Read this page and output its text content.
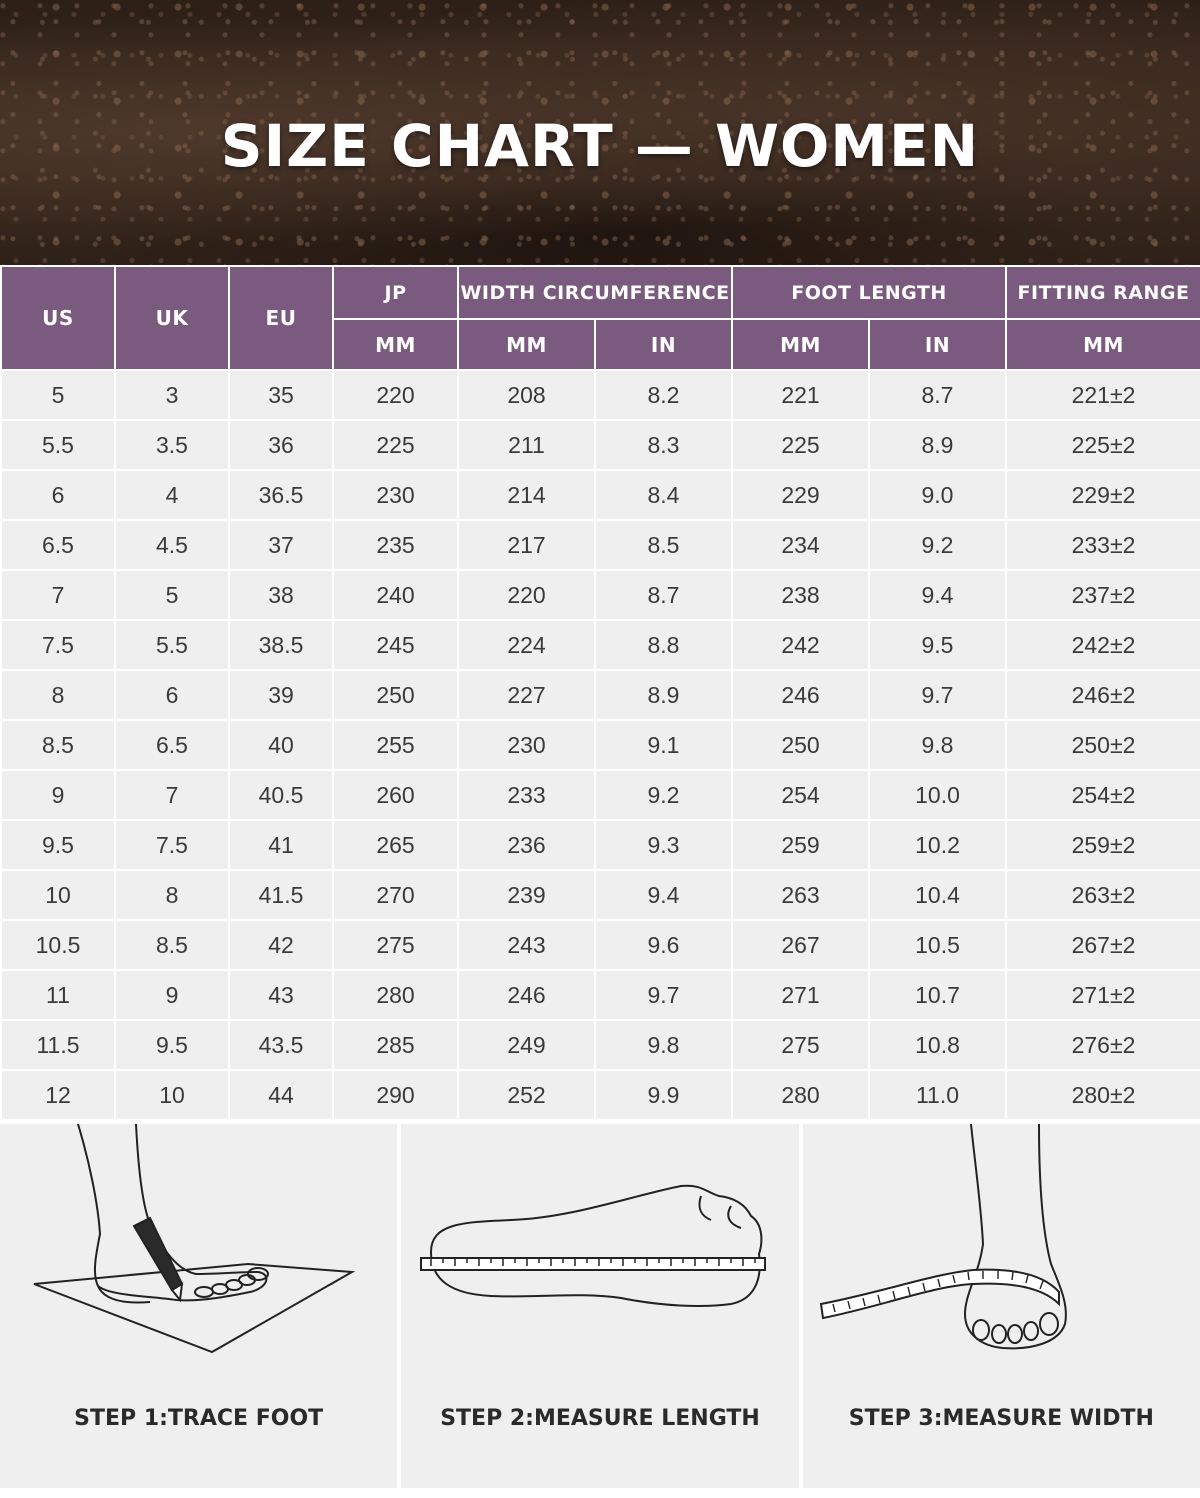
SIZE CHART — WOMEN
US	UK	EU	JP	WIDTH CIRCUMFERENCE		FOOT LENGTH		FITTING RANGE
			MM	MM	IN	MM	IN	MM
5	3	35	220	208	8.2	221	8.7	221±2
5.5	3.5	36	225	211	8.3	225	8.9	225±2
6	4	36.5	230	214	8.4	229	9.0	229±2
6.5	4.5	37	235	217	8.5	234	9.2	233±2
7	5	38	240	220	8.7	238	9.4	237±2
7.5	5.5	38.5	245	224	8.8	242	9.5	242±2
8	6	39	250	227	8.9	246	9.7	246±2
8.5	6.5	40	255	230	9.1	250	9.8	250±2
9	7	40.5	260	233	9.2	254	10.0	254±2
9.5	7.5	41	265	236	9.3	259	10.2	259±2
10	8	41.5	270	239	9.4	263	10.4	263±2
10.5	8.5	42	275	243	9.6	267	10.5	267±2
11	9	43	280	246	9.7	271	10.7	271±2
11.5	9.5	43.5	285	249	9.8	275	10.8	276±2
12	10	44	290	252	9.9	280	11.0	280±2
STEP 1:TRACE FOOT	STEP 2:MEASURE LENGTH	STEP 3:MEASURE WIDTH
